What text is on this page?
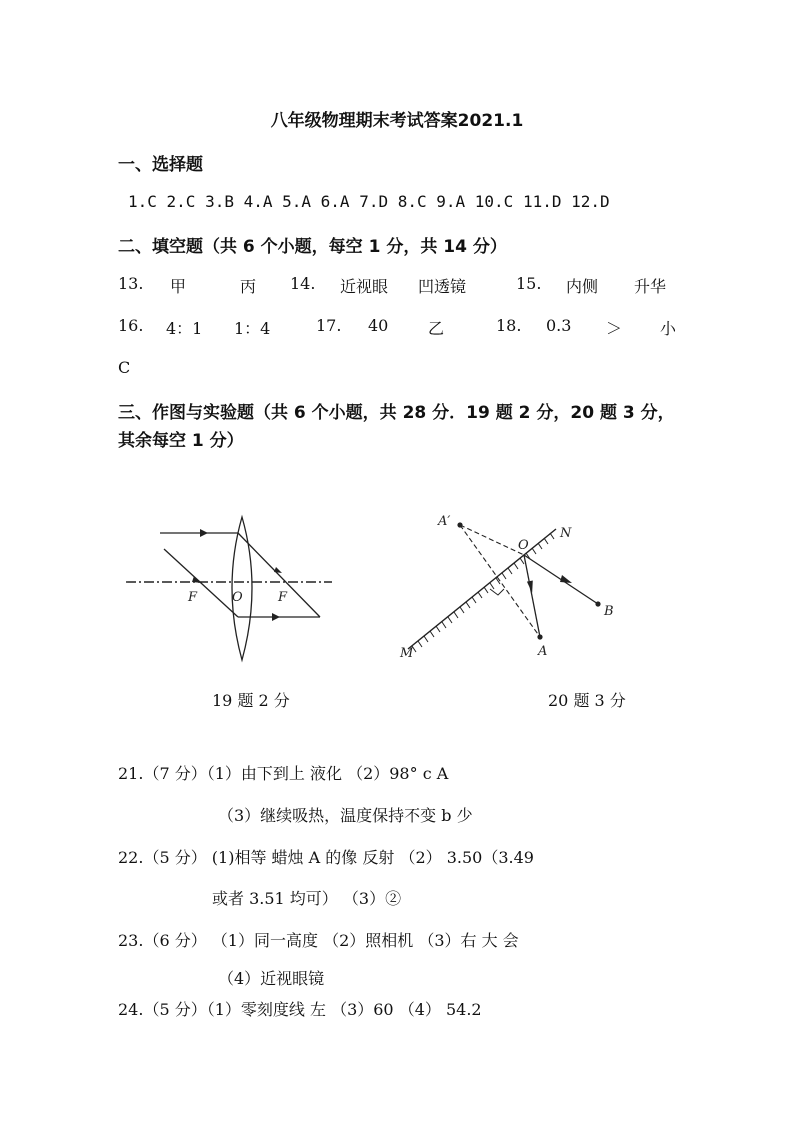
八年级物理期末考试答案2021.1
一、选择题
1.C 2.C 3.B 4.A 5.A 6.A 7.D 8.C 9.A 10.C 11.D 12.D
二、填空题（共 6 个小题，每空 1 分，共 14 分）
13. 甲	丙 14. 近视眼 凹透镜	15. 内侧 升华
16. 4：1 1：4	17. 40 乙	18. 0.3 ＞ 小
C
三、作图与实验题（共 6 个小题，共 28 分．19 题 2 分，20 题 3 分，
其余每空 1 分）
F	O	F
19 题 2 分
A′
O
N
B
M	A
20 题 3 分
21.（7 分）（1）由下到上 液化 （2）98° c A
（3）继续吸热，温度保持不变 b 少
22.（5 分） (1)相等 蜡烛 A 的像 反射 （2） 3.50（3.49
或者 3.51 均可） （3）②
23.（6 分） （1）同一高度 （2）照相机 （3）右 大 会
（4）近视眼镜
24.（5 分）（1）零刻度线 左 （3）60 （4） 54.2
